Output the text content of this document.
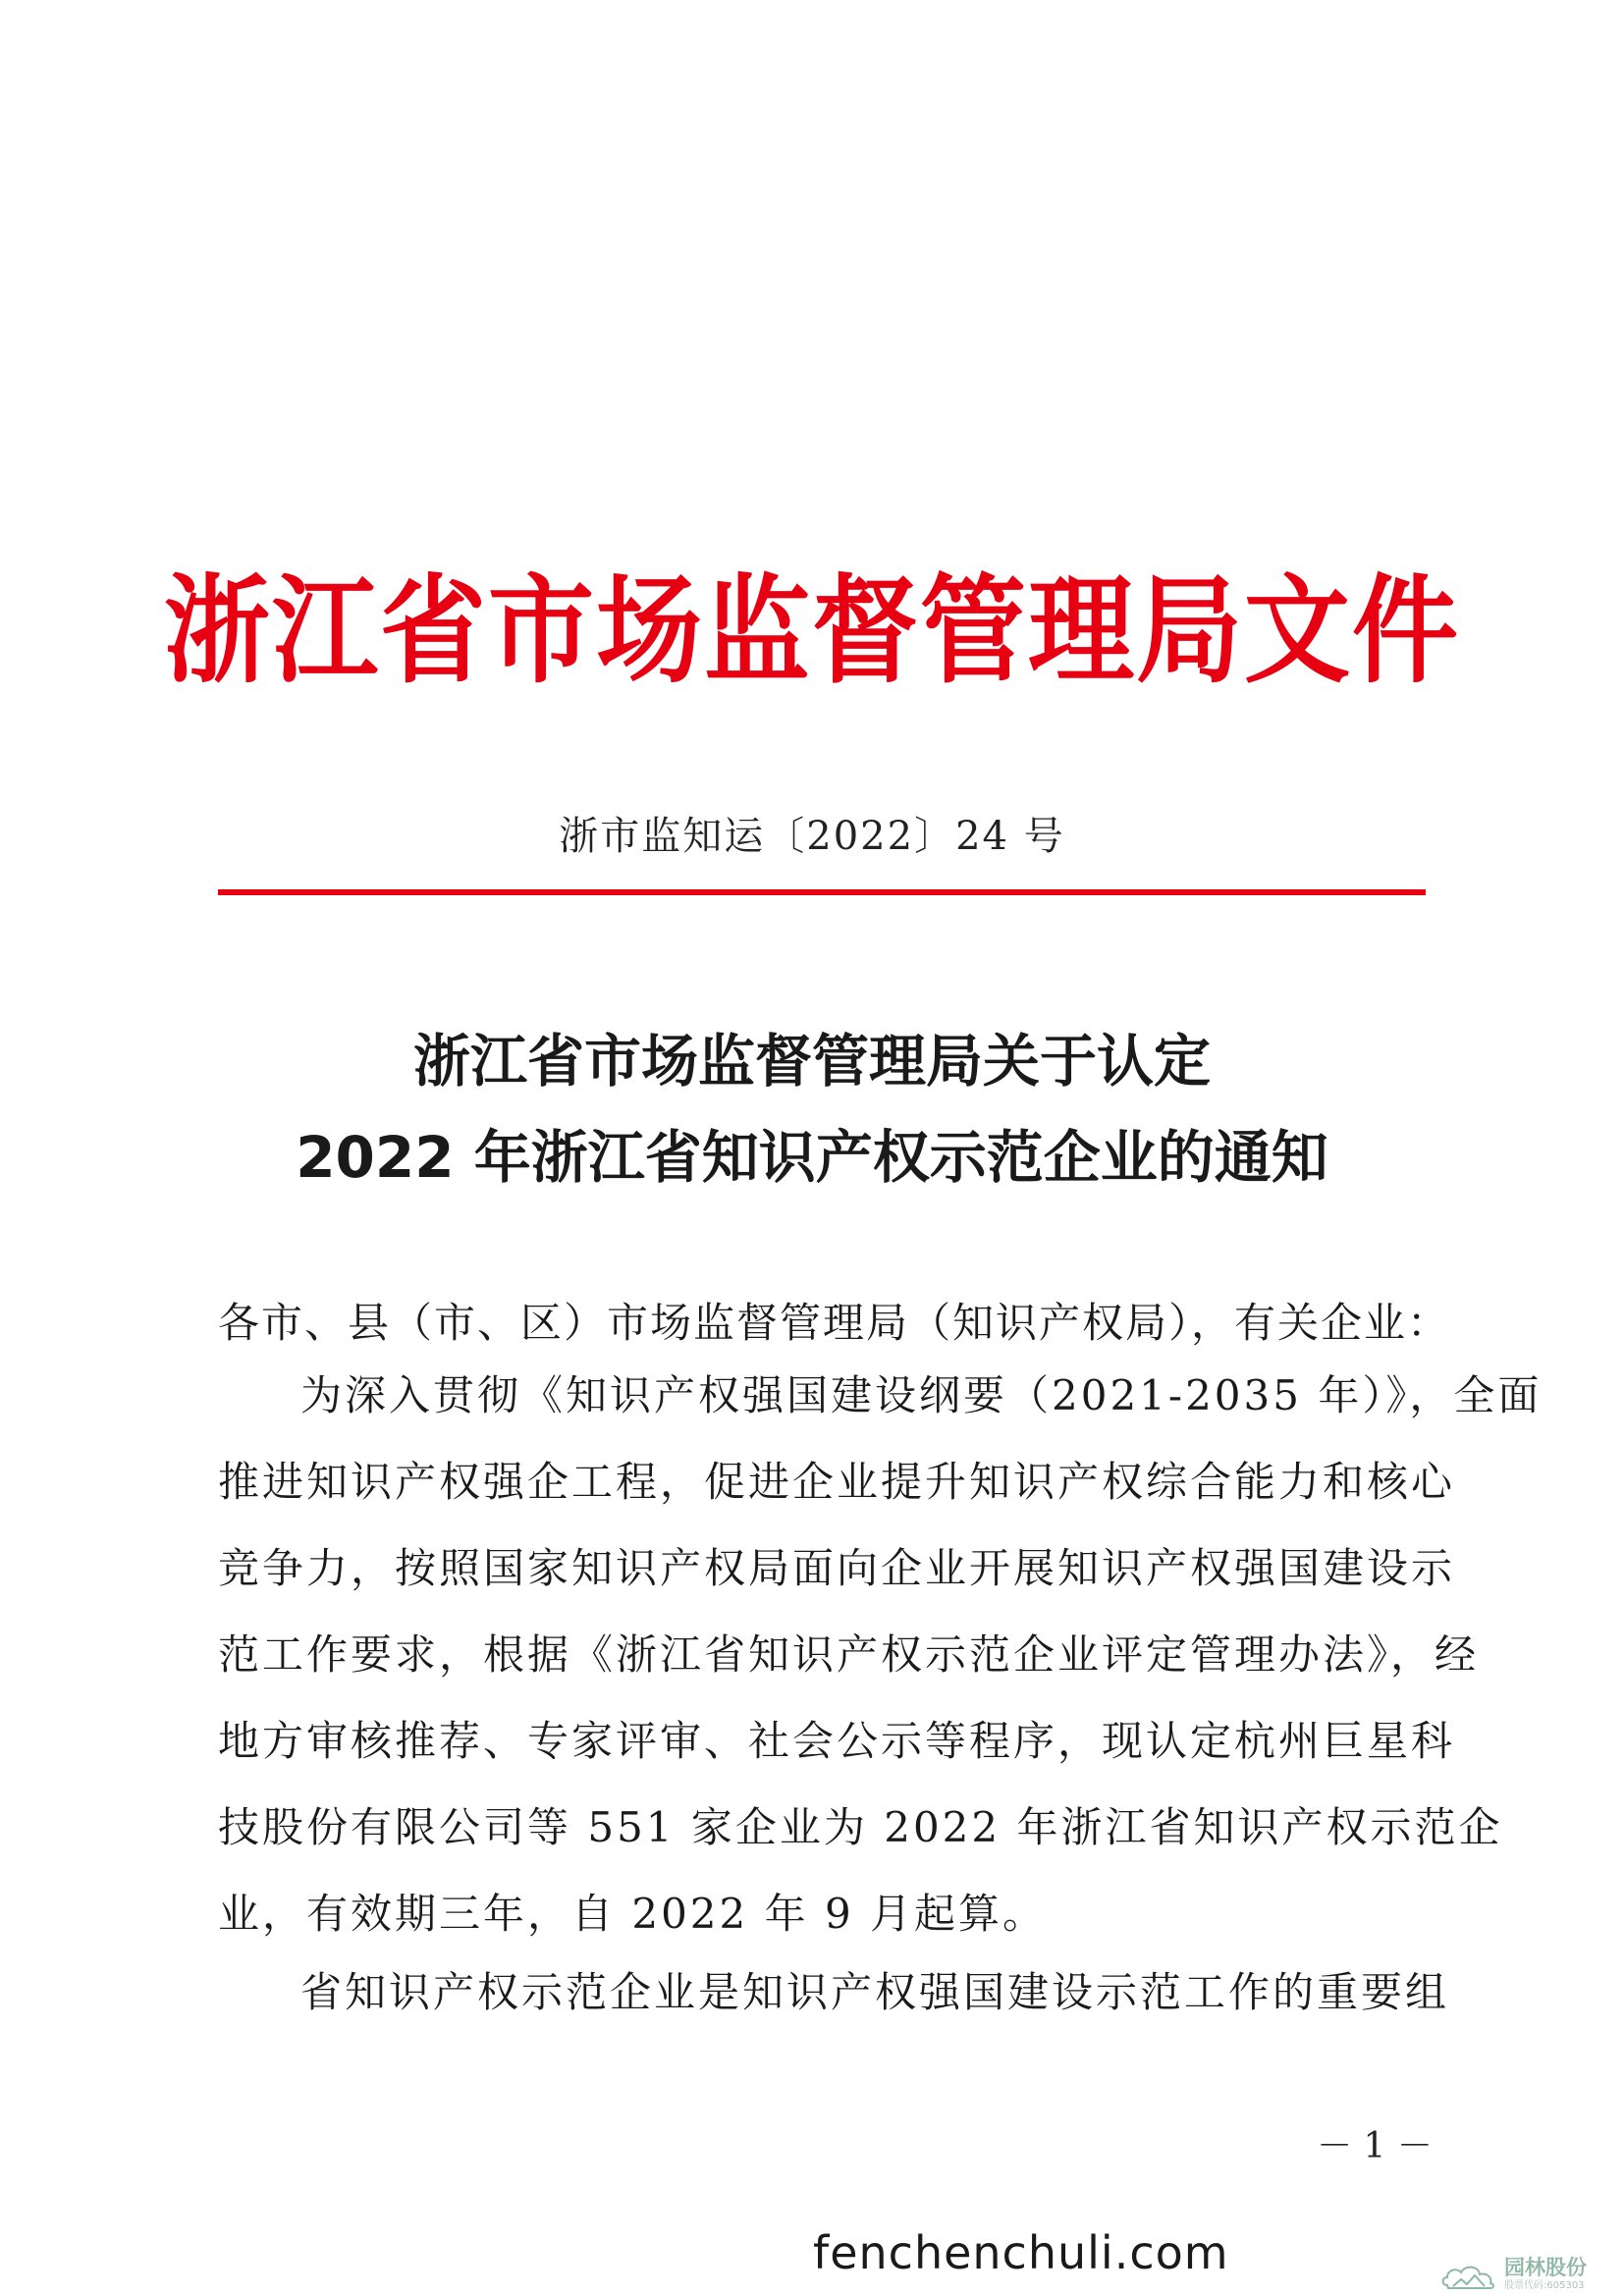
浙江省市场监督管理局文件
浙市监知运〔2022〕24 号
浙江省市场监督管理局关于认定
2022 年浙江省知识产权示范企业的通知
各市、县（市、区）市场监督管理局（知识产权局），有关企业：
为深入贯彻《知识产权强国建设纲要（2021-2035 年）》，全面
推进知识产权强企工程，促进企业提升知识产权综合能力和核心
竞争力，按照国家知识产权局面向企业开展知识产权强国建设示
范工作要求，根据《浙江省知识产权示范企业评定管理办法》，经
地方审核推荐、专家评审、社会公示等程序，现认定杭州巨星科
技股份有限公司等 551 家企业为 2022 年浙江省知识产权示范企
业，有效期三年，自 2022 年 9 月起算。
省知识产权示范企业是知识产权强国建设示范工作的重要组
－ 1 －
fenchenchuli.com	园林股份
股票代码:605303
